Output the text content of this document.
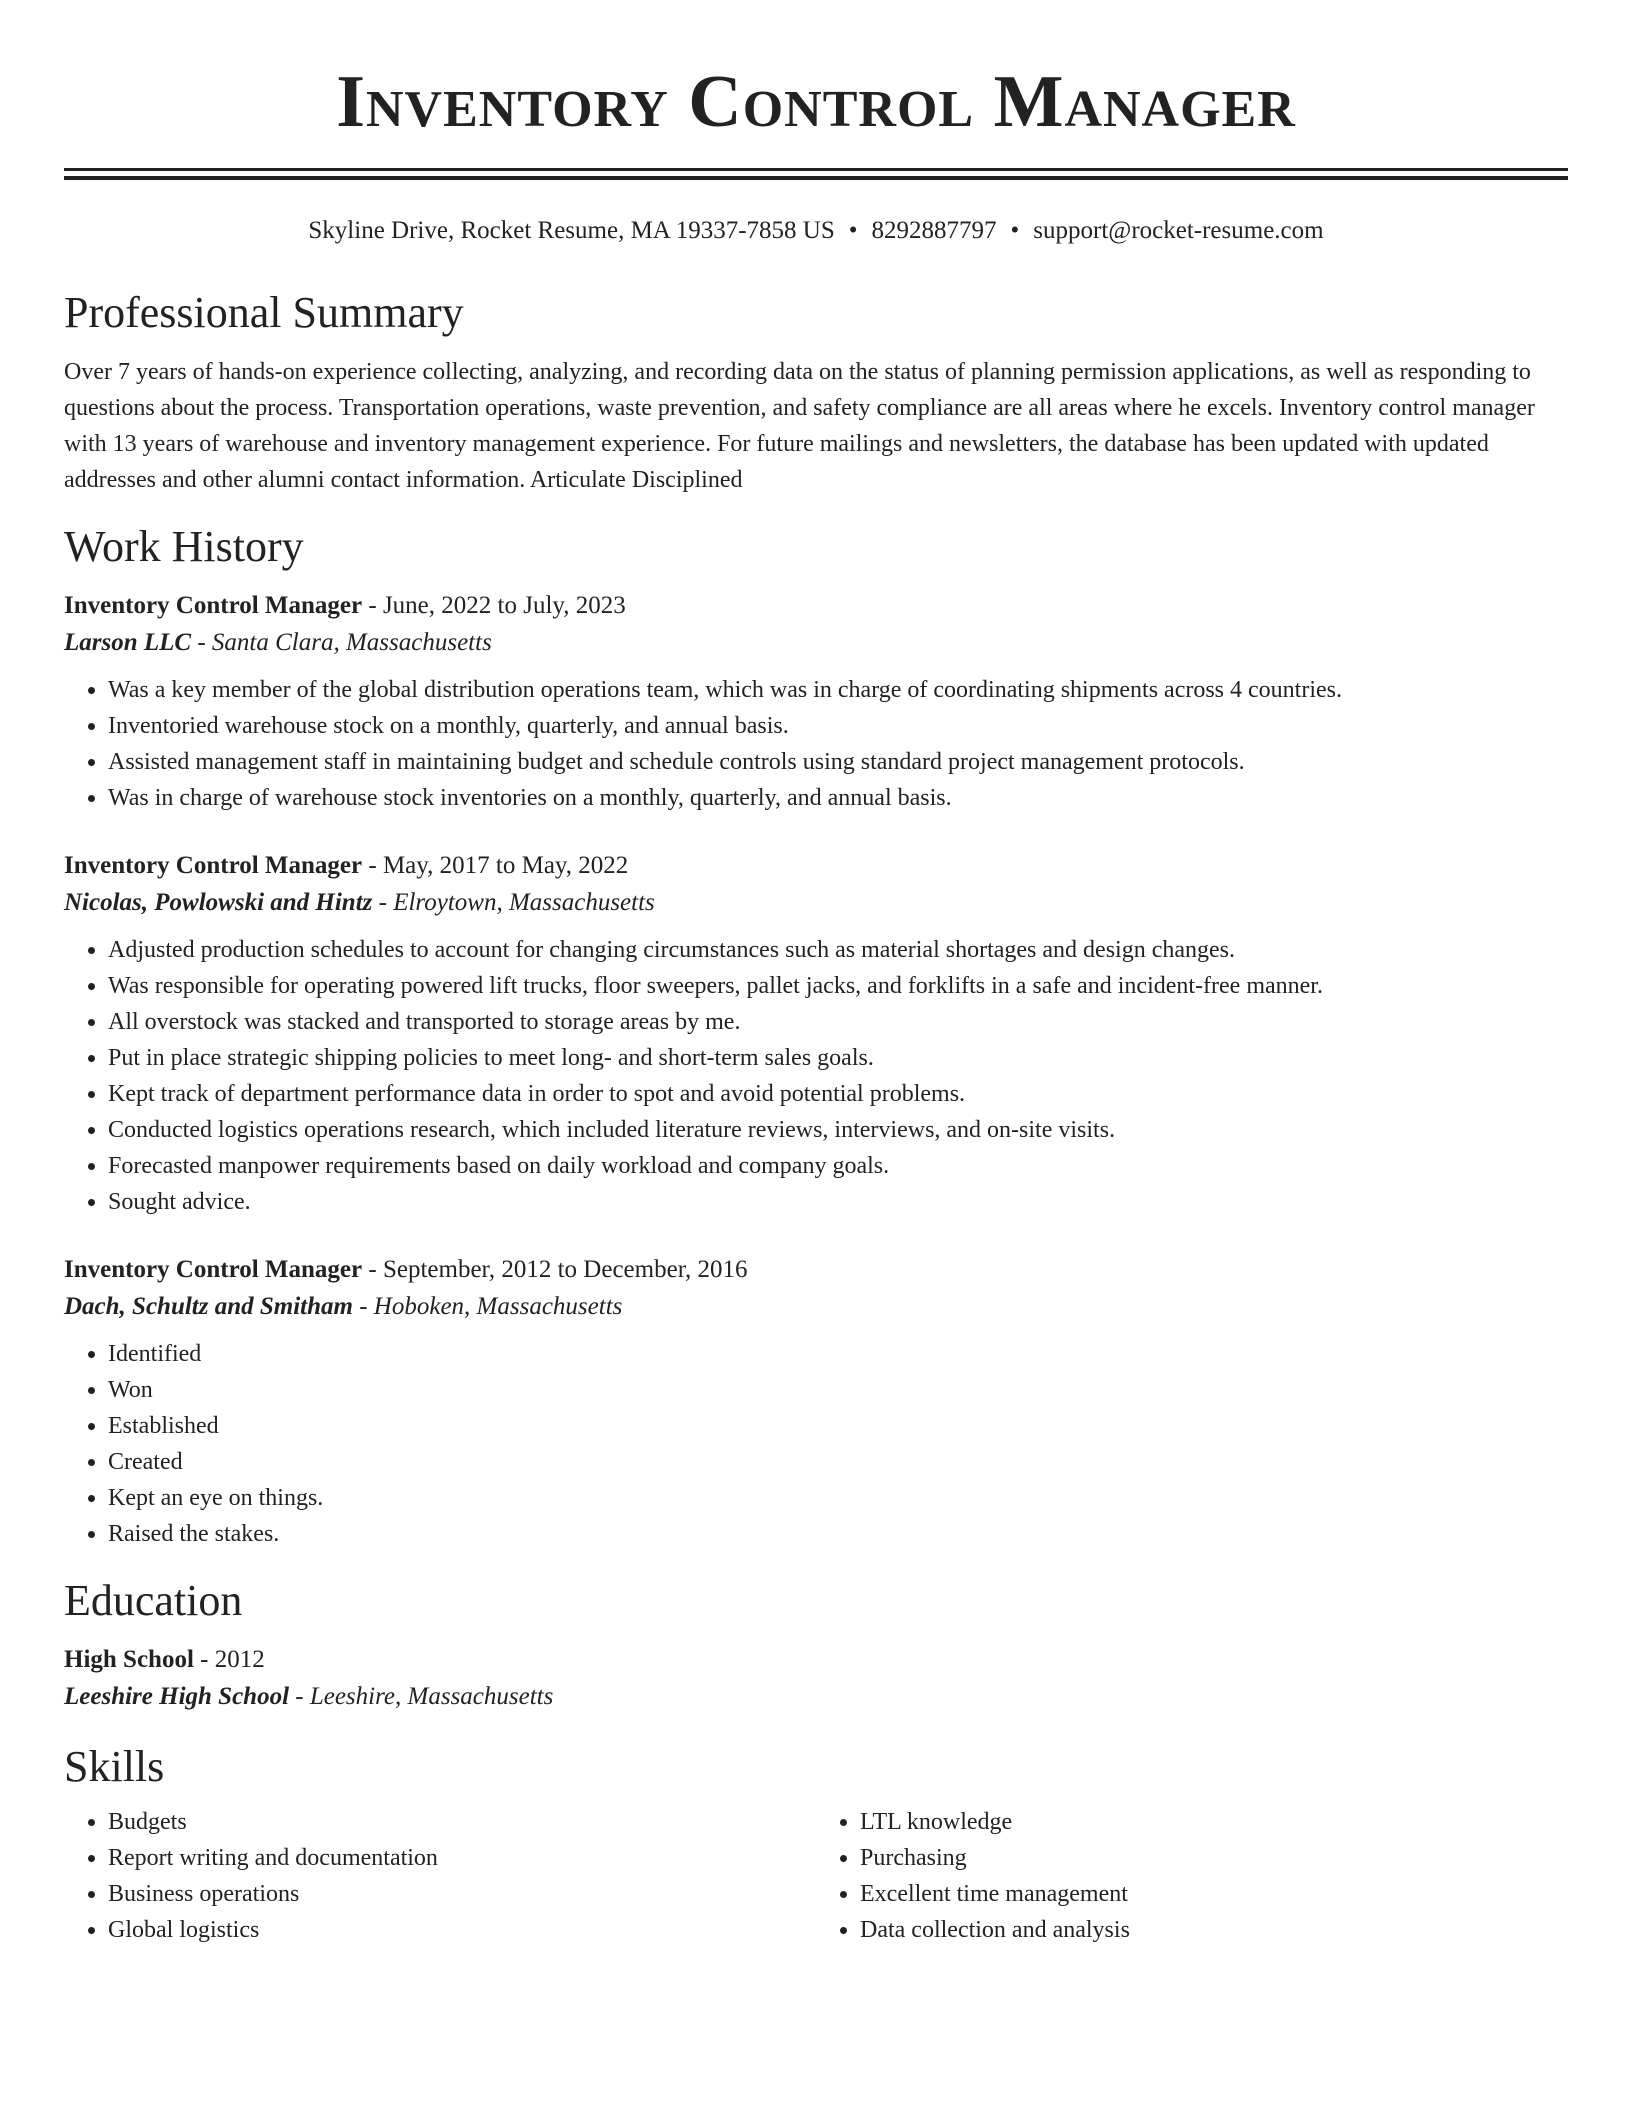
Inventory Control Manager
Skyline Drive, Rocket Resume, MA 19337-7858 US • 8292887797 • support@rocket-resume.com
Professional Summary

Over 7 years of hands-on experience collecting, analyzing, and recording data on the status of planning permission applications, as well as responding to questions about the process. Transportation operations, waste prevention, and safety compliance are all areas where he excels. Inventory control manager with 13 years of warehouse and inventory management experience. For future mailings and newsletters, the database has been updated with updated addresses and other alumni contact information. Articulate Disciplined

Work History
Inventory Control Manager - June, 2022 to July, 2023
Larson LLC - Santa Clara, Massachusetts
• Was a key member of the global distribution operations team, which was in charge of coordinating shipments across 4 countries.
• Inventoried warehouse stock on a monthly, quarterly, and annual basis.
• Assisted management staff in maintaining budget and schedule controls using standard project management protocols.
• Was in charge of warehouse stock inventories on a monthly, quarterly, and annual basis.
Inventory Control Manager - May, 2017 to May, 2022
Nicolas, Powlowski and Hintz - Elroytown, Massachusetts
• Adjusted production schedules to account for changing circumstances such as material shortages and design changes.
• Was responsible for operating powered lift trucks, floor sweepers, pallet jacks, and forklifts in a safe and incident-free manner.
• All overstock was stacked and transported to storage areas by me.
• Put in place strategic shipping policies to meet long- and short-term sales goals.
• Kept track of department performance data in order to spot and avoid potential problems.
• Conducted logistics operations research, which included literature reviews, interviews, and on-site visits.
• Forecasted manpower requirements based on daily workload and company goals.
• Sought advice.
Inventory Control Manager - September, 2012 to December, 2016
Dach, Schultz and Smitham - Hoboken, Massachusetts
• Identified
• Won
• Established
• Created
• Kept an eye on things.
• Raised the stakes.
Education
High School - 2012
Leeshire High School - Leeshire, Massachusetts
Skills
• Budgets
• Report writing and documentation
• Business operations
• Global logistics
• LTL knowledge
• Purchasing
• Excellent time management
• Data collection and analysis
